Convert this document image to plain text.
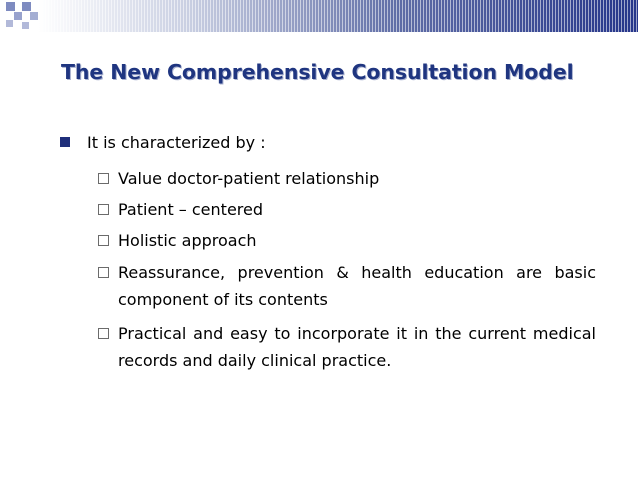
The New Comprehensive Consultation Model
It is characterized by :
Value doctor-patient relationship
Patient – centered
Holistic approach
Reassurance, prevention & health education are basic component of its contents
Practical and easy to incorporate it in the current medical records and daily clinical practice.
